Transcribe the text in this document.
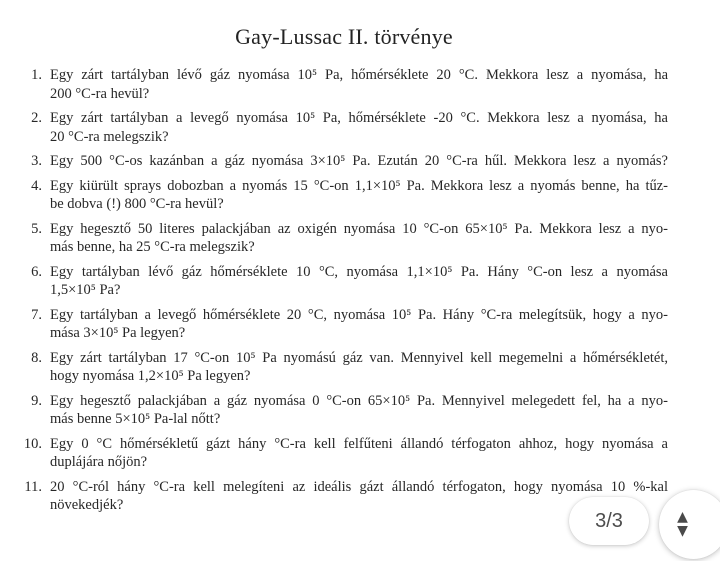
Gay-Lussac II. törvénye
1. Egy zárt tartályban lévő gáz nyomása 10⁵ Pa, hőmérséklete 20 °C. Mekkora lesz a nyomása, ha
200 °C-ra hevül?
2. Egy zárt tartályban a levegő nyomása 10⁵ Pa, hőmérséklete -20 °C. Mekkora lesz a nyomása, ha
20 °C-ra melegszik?
3. Egy 500 °C-os kazánban a gáz nyomása 3×10⁵ Pa. Ezután 20 °C-ra hűl. Mekkora lesz a nyomás?
4. Egy kiürült sprays dobozban a nyomás 15 °C-on 1,1×10⁵ Pa. Mekkora lesz a nyomás benne, ha tűz-
be dobva (!) 800 °C-ra hevül?
5. Egy hegesztő 50 literes palackjában az oxigén nyomása 10 °C-on 65×10⁵ Pa. Mekkora lesz a nyo-
más benne, ha 25 °C-ra melegszik?
6. Egy tartályban lévő gáz hőmérséklete 10 °C, nyomása 1,1×10⁵ Pa. Hány °C-on lesz a nyomása
1,5×10⁵ Pa?
7. Egy tartályban a levegő hőmérséklete 20 °C, nyomása 10⁵ Pa. Hány °C-ra melegítsük, hogy a nyo-
mása 3×10⁵ Pa legyen?
8. Egy zárt tartályban 17 °C-on 10⁵ Pa nyomású gáz van. Mennyivel kell megemelni a hőmérsékletét,
hogy nyomása 1,2×10⁵ Pa legyen?
9. Egy hegesztő palackjában a gáz nyomása 0 °C-on 65×10⁵ Pa. Mennyivel melegedett fel, ha a nyo-
más benne 5×10⁵ Pa-lal nőtt?
10. Egy 0 °C hőmérsékletű gázt hány °C-ra kell felfűteni állandó térfogaton ahhoz, hogy nyomása a
duplájára nőjön?
11. 20 °C-ról hány °C-ra kell melegíteni az ideális gázt állandó térfogaton, hogy nyomása 10 %-kal
növekedjék?
3/3	▲
▼
